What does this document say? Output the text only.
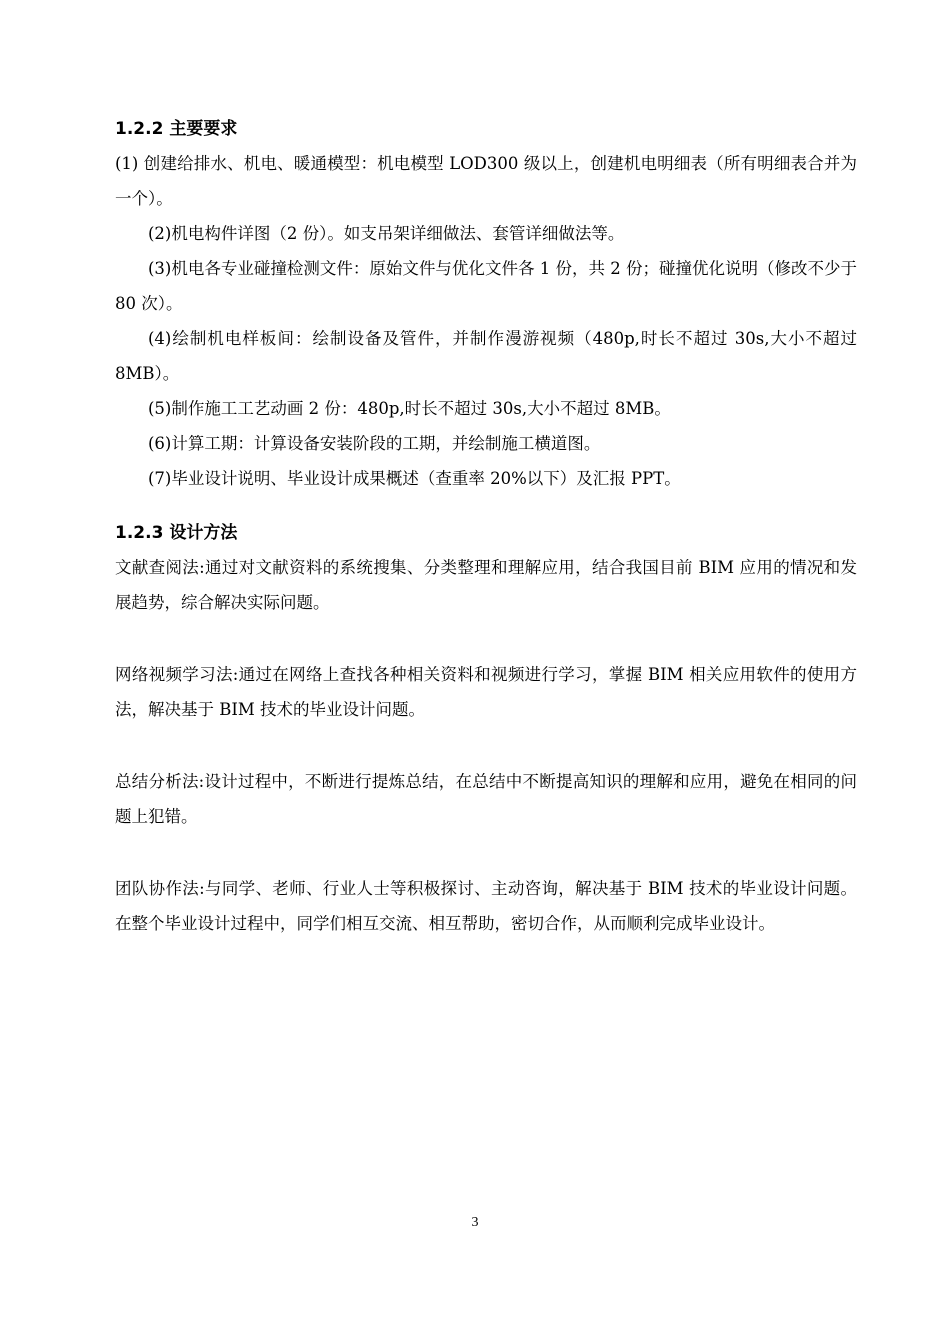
1.2.2 主要要求

(1) 创建给排水、机电、暖通模型：机电模型 LOD300 级以上，创建机电明细表（所有明细表合并为一个）。

(2)机电构件详图（2 份）。如支吊架详细做法、套管详细做法等。

(3)机电各专业碰撞检测文件：原始文件与优化文件各 1 份，共 2 份；碰撞优化说明（修改不少于 80 次）。

(4)绘制机电样板间：绘制设备及管件，并制作漫游视频（480p,时长不超过 30s,大小不超过 8MB）。

(5)制作施工工艺动画 2 份：480p,时长不超过 30s,大小不超过 8MB。

(6)计算工期：计算设备安装阶段的工期，并绘制施工横道图。

(7)毕业设计说明、毕业设计成果概述（查重率 20%以下）及汇报 PPT。

1.2.3 设计方法

文献查阅法:通过对文献资料的系统搜集、分类整理和理解应用，结合我国目前 BIM 应用的情况和发展趋势，综合解决实际问题。

网络视频学习法:通过在网络上查找各种相关资料和视频进行学习，掌握 BIM 相关应用软件的使用方法，解决基于 BIM 技术的毕业设计问题。

总结分析法:设计过程中，不断进行提炼总结，在总结中不断提高知识的理解和应用，避免在相同的问题上犯错。

团队协作法:与同学、老师、行业人士等积极探讨、主动咨询，解决基于 BIM 技术的毕业设计问题。在整个毕业设计过程中，同学们相互交流、相互帮助，密切合作，从而顺利完成毕业设计。

3
